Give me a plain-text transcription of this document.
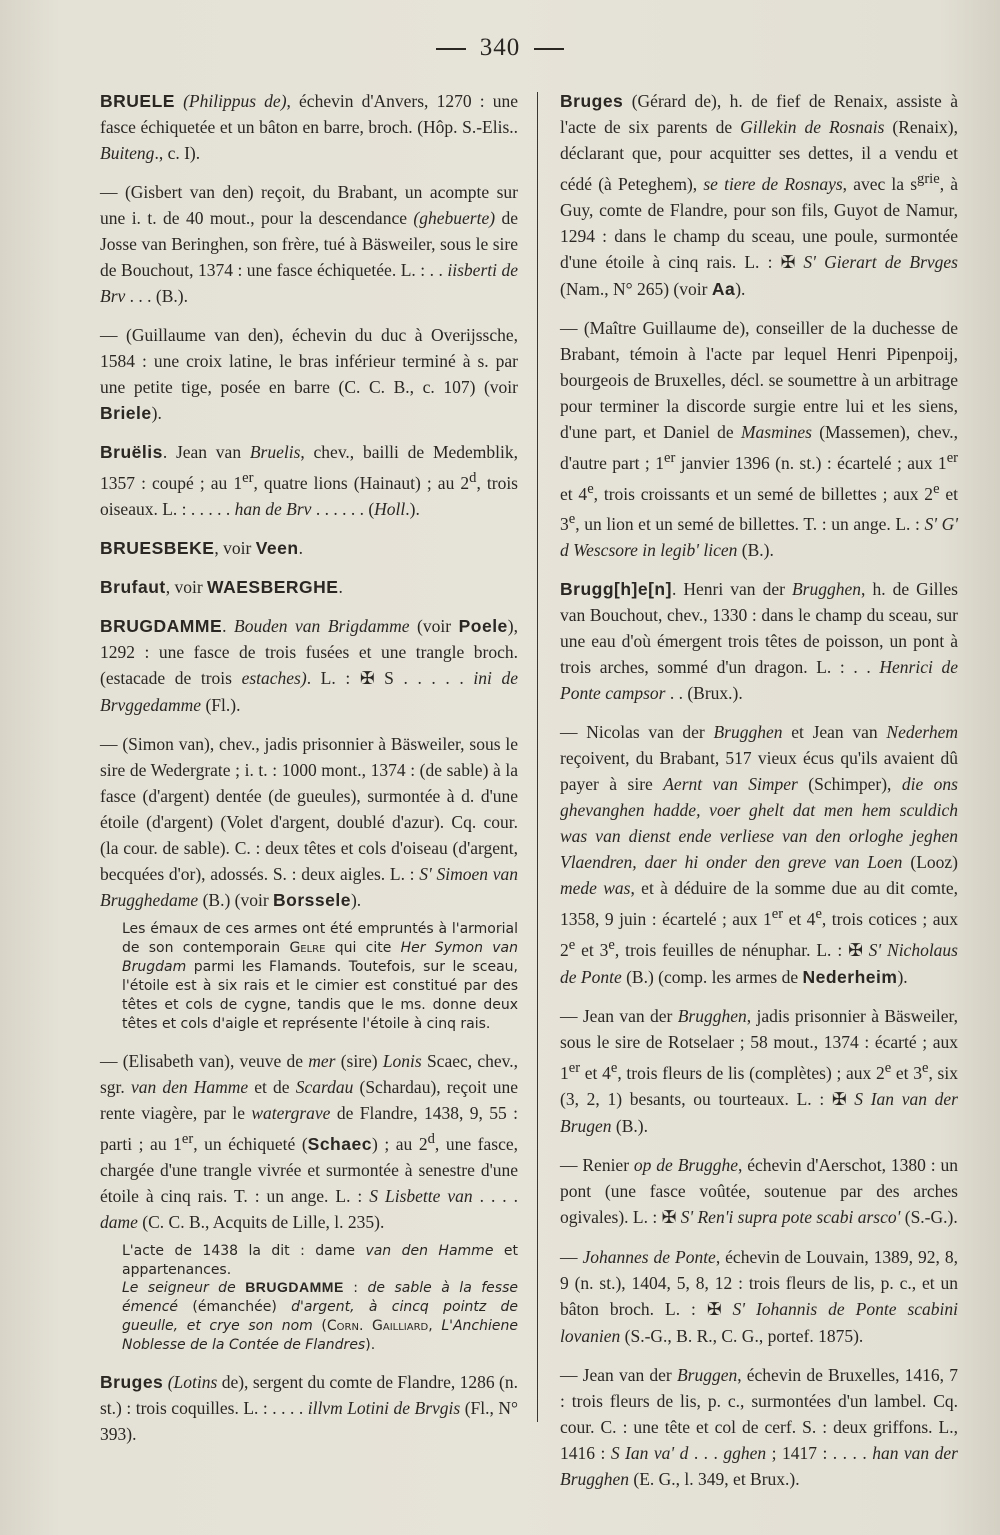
340

BRUELE (Philippus de), échevin d'Anvers, 1270 : une fasce échiquetée et un bâton en barre, broch. (Hôp. S.-Elis.. Buiteng., c. I).

— (Gisbert van den) reçoit, du Brabant, un acompte sur une i. t. de 40 mout., pour la descendance (ghebuerte) de Josse van Beringhen, son frère, tué à Bäsweiler, sous le sire de Bouchout, 1374 : une fasce échiquetée. L. : . . iisberti de Brv . . . (B.).

— (Guillaume van den), échevin du duc à Overijssche, 1584 : une croix latine, le bras inférieur terminé à s. par une petite tige, posée en barre (C. C. B., c. 107) (voir Briele).

Bruëlis. Jean van Bruelis, chev., bailli de Medemblik, 1357 : coupé ; au 1er, quatre lions (Hainaut) ; au 2$^d$, trois oiseaux. L. : . . . . . han de Brv . . . . . . (Holl.).

BRUESBEKE, voir Veen.

Brufaut, voir WAESBERGHE.

BRUGDAMME. Bouden van Brigdamme (voir Poele), 1292 : une fasce de trois fusées et une trangle broch. (estacade de trois estaches). L. : ✠ S . . . . . ini de Brvggedamme (Fl.).

— (Simon van), chev., jadis prisonnier à Bäsweiler, sous le sire de Wedergrate ; i. t. : 1000 mont., 1374 : (de sable) à la fasce (d'argent) dentée (de gueules), surmontée à d. d'une étoile (d'argent) (Volet d'argent, doublé d'azur). Cq. cour. (la cour. de sable). C. : deux têtes et cols d'oiseau (d'argent, becquées d'or), adossés. S. : deux aigles. L. : S' Simoen van Brugghedame (B.) (voir Borssele).

Les émaux de ces armes ont été empruntés à l'armorial de son contemporain Gelre qui cite Her Symon van Brugdam parmi les Flamands. Toutefois, sur le sceau, l'étoile est à six rais et le cimier est constitué par des têtes et cols de cygne, tandis que le ms. donne deux têtes et cols d'aigle et représente l'étoile à cinq rais.

— (Elisabeth van), veuve de mer (sire) Lonis Scaec, chev., sgr. van den Hamme et de Scardau (Schardau), reçoit une rente viagère, par le watergrave de Flandre, 1438, 9, 55 : parti ; au 1er, un échiqueté (Schaec) ; au 2$^d$, une fasce, chargée d'une trangle vivrée et surmontée à senestre d'une étoile à cinq rais. T. : un ange. L. : S Lisbette van . . . . dame (C. C. B., Acquits de Lille, l. 235).

L'acte de 1438 la dit : dame van den Hamme et appartenances.

Le seigneur de BRUGDAMME : de sable à la fesse émencé (émanchée) d'argent, à cincq pointz de gueulle, et crye son nom (Corn. Gailliard, L'Anchiene Noblesse de la Contée de Flandres).

Bruges (Lotins de), sergent du comte de Flandre, 1286 (n. st.) : trois coquilles. L. : . . . . illvm Lotini de Brvgis (Fl., N° 393).

Bruges (Gérard de), h. de fief de Renaix, assiste à l'acte de six parents de Gillekin de Rosnais (Renaix), déclarant que, pour acquitter ses dettes, il a vendu et cédé (à Peteghem), se tiere de Rosnays, avec la $s^{grie}$, à Guy, comte de Flandre, pour son fils, Guyot de Namur, 1294 : dans le champ du sceau, une poule, surmontée d'une étoile à cinq rais. L. : ✠ S' Gierart de Brvges (Nam., N° 265) (voir Aa).

— (Maître Guillaume de), conseiller de la duchesse de Brabant, témoin à l'acte par lequel Henri Pipenpoij, bourgeois de Bruxelles, décl. se soumettre à un arbitrage pour terminer la discorde surgie entre lui et les siens, d'une part, et Daniel de Masmines (Massemen), chev., d'autre part ; 1er janvier 1396 (n. st.) : écartelé ; aux 1er et 4e, trois croissants et un semé de billettes ; aux 2e et 3e, un lion et un semé de billettes. T. : un ange. L. : S' G' d Wescsore in legib' licen (B.).

Brugg[h]e[n]. Henri van der Brugghen, h. de Gilles van Bouchout, chev., 1330 : dans le champ du sceau, sur une eau d'où émergent trois têtes de poisson, un pont à trois arches, sommé d'un dragon. L. : . . Henrici de Ponte campsor . . (Brux.).

— Nicolas van der Brugghen et Jean van Nederhem reçoivent, du Brabant, 517 vieux écus qu'ils avaient dû payer à sire Aernt van Simper (Schimper), die ons ghevanghen hadde, voer ghelt dat men hem sculdich was van dienst ende verliese van den orloghe jeghen Vlaendren, daer hi onder den greve van Loen (Looz) mede was, et à déduire de la somme due au dit comte, 1358, 9 juin : écartelé ; aux 1er et 4e, trois cotices ; aux 2e et 3e, trois feuilles de nénuphar. L. : ✠ S' Nicholaus de Ponte (B.) (comp. les armes de Nederheim).

— Jean van der Brugghen, jadis prisonnier à Bäsweiler, sous le sire de Rotselaer ; 58 mout., 1374 : écarté ; aux 1er et 4e, trois fleurs de lis (complètes) ; aux 2e et 3e, six (3, 2, 1) besants, ou tourteaux. L. : ✠ S Ian van der Brugen (B.).

— Renier op de Brugghe, échevin d'Aerschot, 1380 : un pont (une fasce voûtée, soutenue par des arches ogivales). L. : ✠ S' Ren'i supra pote scabi arsco' (S.-G.).

— Johannes de Ponte, échevin de Louvain, 1389, 92, 8, 9 (n. st.), 1404, 5, 8, 12 : trois fleurs de lis, p. c., et un bâton broch. L. : ✠ S' Iohannis de Ponte scabini lovanien (S.-G., B. R., C. G., portef. 1875).

— Jean van der Bruggen, échevin de Bruxelles, 1416, 7 : trois fleurs de lis, p. c., surmontées d'un lambel. Cq. cour. C. : une tête et col de cerf. S. : deux griffons. L., 1416 : S Ian va' d . . . gghen ; 1417 : . . . . han van der Brugghen (E. G., l. 349, et Brux.).
